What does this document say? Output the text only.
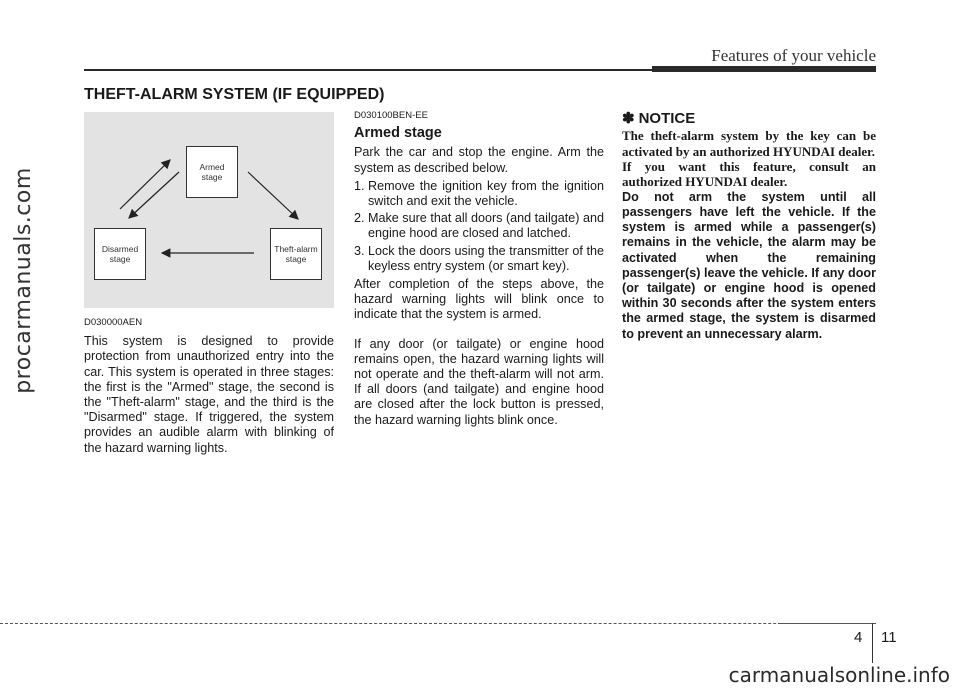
procarmanuals.com
Features of your vehicle
THEFT-ALARM SYSTEM (IF EQUIPPED)
Armed
stage
Theft-alarm
stage
Disarmed
stage

D030000AEN

This system is designed to provide protection from unauthorized entry into the car. This system is operated in three stages: the first is the "Armed" stage, the second is the "Theft-alarm" stage, and the third is the "Disarmed" stage. If triggered, the system provides an audible alarm with blinking of the hazard warning lights.

D030100BEN-EE

Armed stage

Park the car and stop the engine. Arm the system as described below.

1. Remove the ignition key from the ignition switch and exit the vehicle.
2. Make sure that all doors (and tailgate) and engine hood are closed and latched.
3. Lock the doors using the transmitter of the keyless entry system (or smart key).

After completion of the steps above, the hazard warning lights will blink once to indicate that the system is armed.

If any door (or tailgate) or engine hood remains open, the hazard warning lights will not operate and the theft-alarm will not arm. If all doors (and tailgate) and engine hood are closed after the lock button is pressed, the hazard warning lights blink once.

✽ NOTICE

The theft-alarm system by the key can be activated by an authorized HYUNDAI dealer.

If you want this feature, consult an authorized HYUNDAI dealer.

Do not arm the system until all passengers have left the vehicle. If the system is armed while a passenger(s) remains in the vehicle, the alarm may be activated when the remaining passenger(s) leave the vehicle. If any door (or tailgate) or engine hood is opened within 30 seconds after the system enters the armed stage, the system is disarmed to prevent an unnecessary alarm.

4 11
carmanualsonline.info
